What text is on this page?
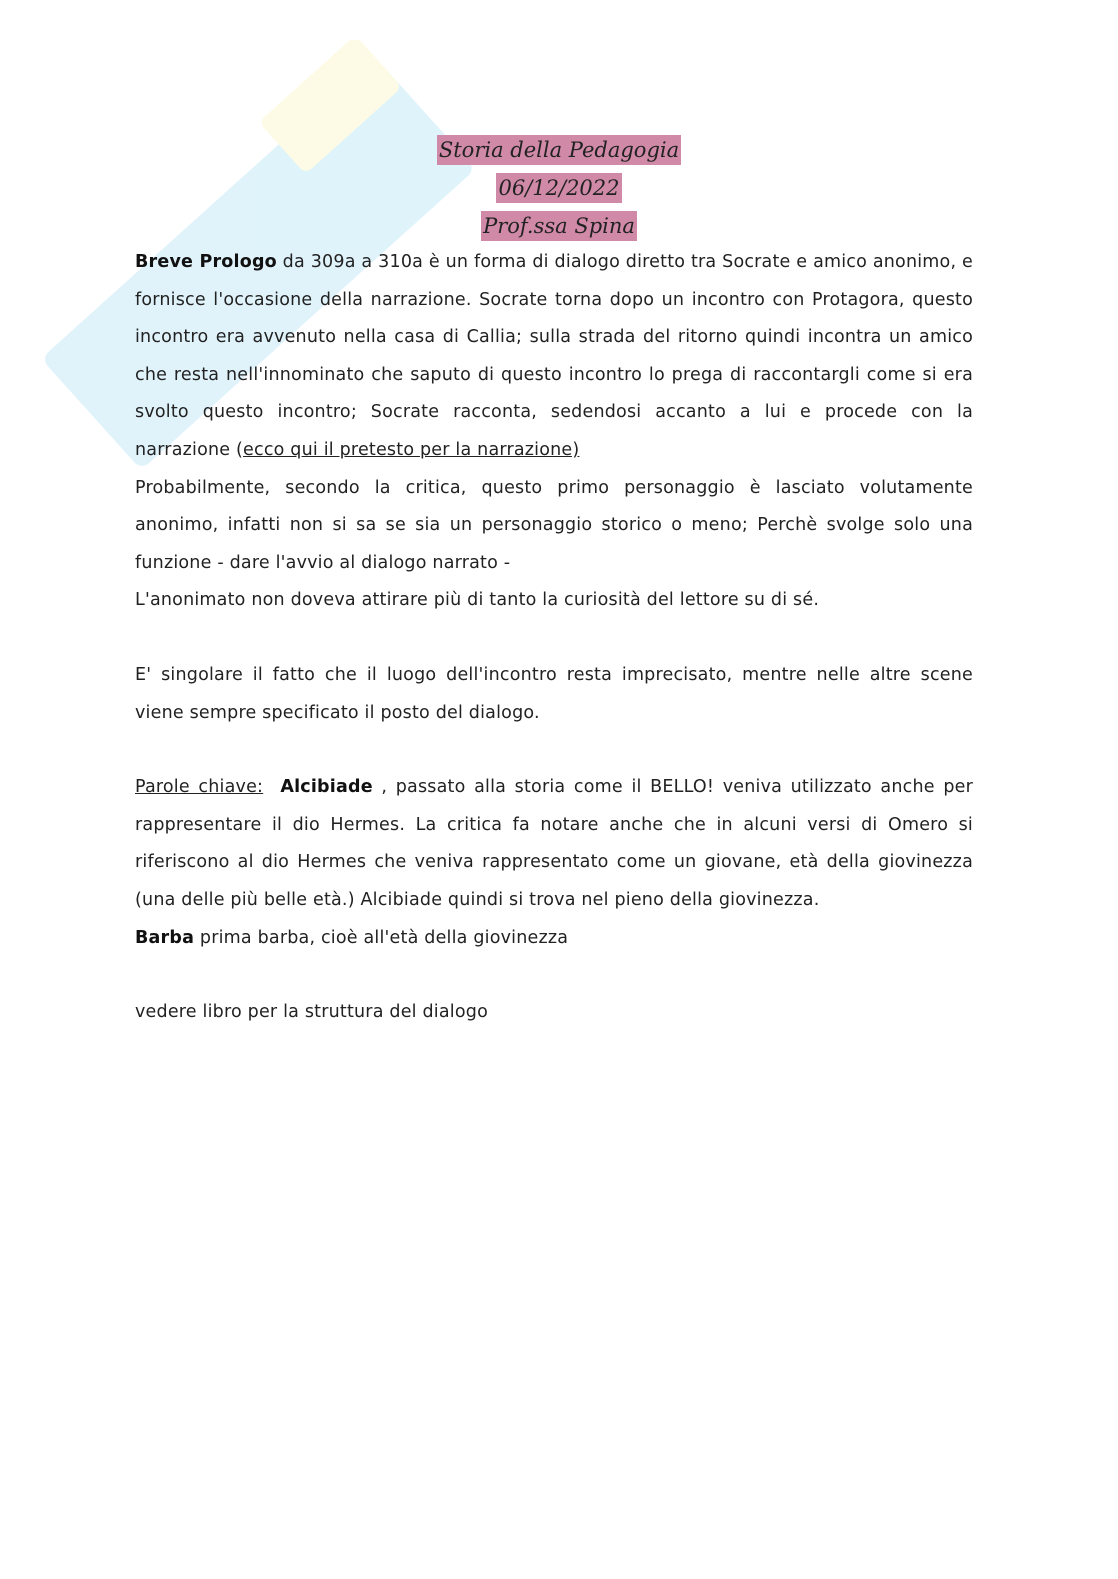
Storia della Pedagogia
06/12/2022
Prof.ssa Spina

Breve Prologo da 309a a 310a è un forma di dialogo diretto tra Socrate e amico anonimo, e fornisce l'occasione della narrazione. Socrate torna dopo un incontro con Protagora, questo incontro era avvenuto nella casa di Callia; sulla strada del ritorno quindi incontra un amico che resta nell'innominato che saputo di questo incontro lo prega di raccontargli come si era svolto questo incontro; Socrate racconta, sedendosi accanto a lui e procede con la narrazione (ecco qui il pretesto per la narrazione)

Probabilmente, secondo la critica, questo primo personaggio è lasciato volutamente anonimo, infatti non si sa se sia un personaggio storico o meno; Perchè svolge solo una funzione - dare l'avvio al dialogo narrato -

L'anonimato non doveva attirare più di tanto la curiosità del lettore su di sé.

E' singolare il fatto che il luogo dell'incontro resta imprecisato, mentre nelle altre scene viene sempre specificato il posto del dialogo.

Parole chiave: Alcibiade , passato alla storia come il BELLO! veniva utilizzato anche per rappresentare il dio Hermes. La critica fa notare anche che in alcuni versi di Omero si riferiscono al dio Hermes che veniva rappresentato come un giovane, età della giovinezza (una delle più belle età.) Alcibiade quindi si trova nel pieno della giovinezza.

Barba prima barba, cioè all'età della giovinezza

vedere libro per la struttura del dialogo
